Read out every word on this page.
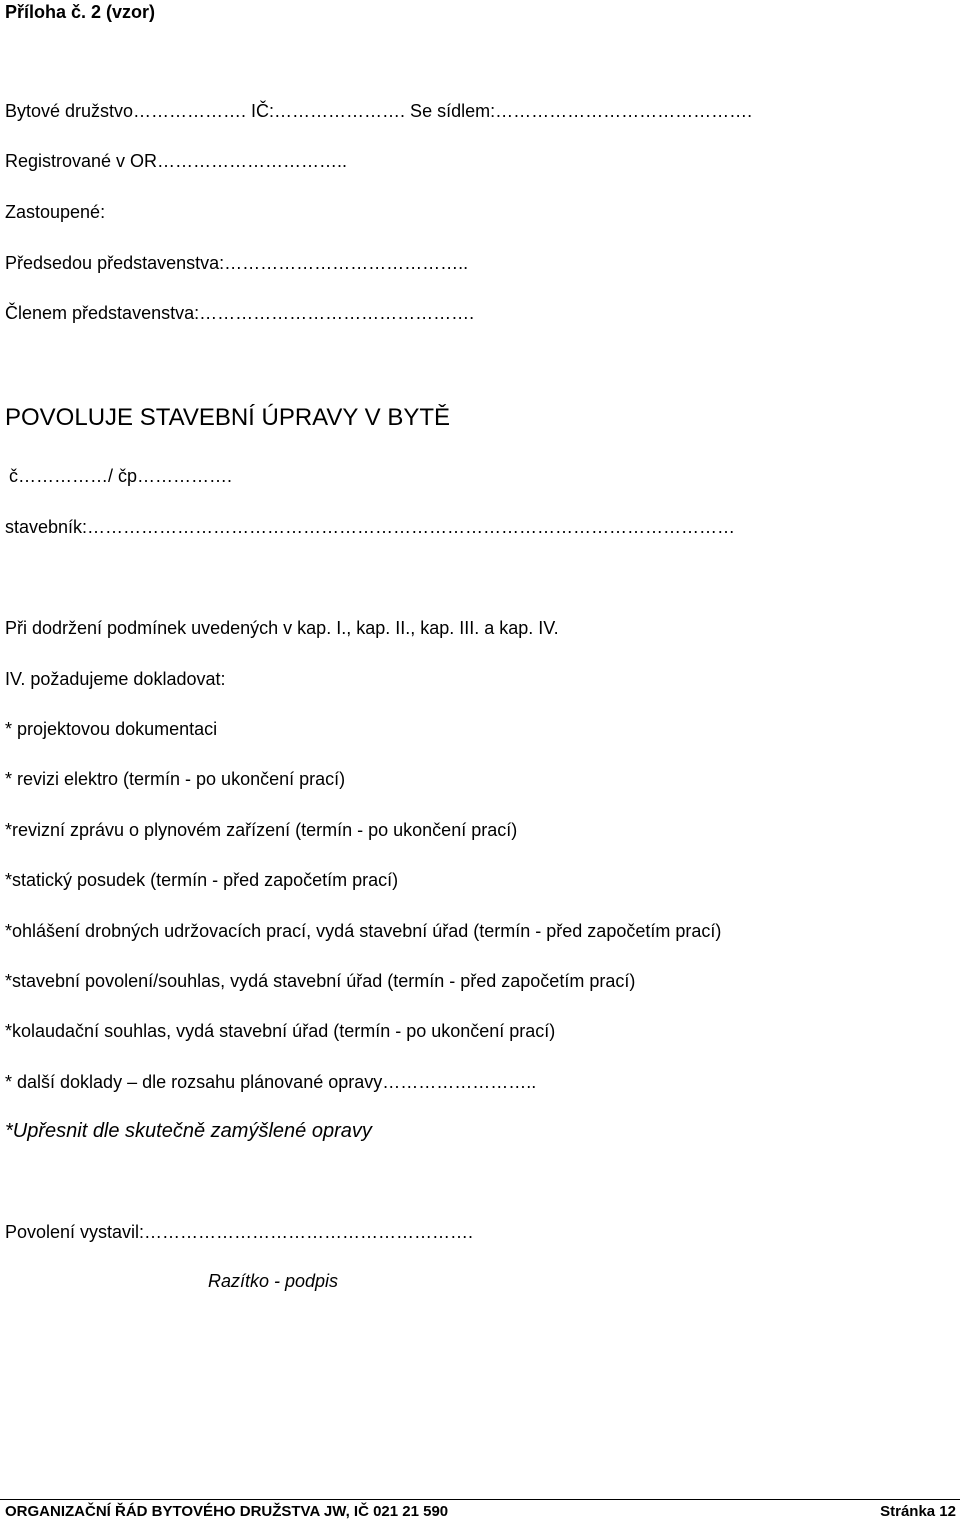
Příloha č. 2 (vzor)
Bytové družstvo………………. IČ:…………………. Se sídlem:…………………………………….
Registrované v OR…………………………..
Zastoupené:
Předsedou představenstva:…………………………………..
Členem představenstva:……………………………………….
POVOLUJE STAVEBNÍ ÚPRAVY V BYTĚ
č……………/ čp…………….
stavebník:………………………………………………………………………………………………
Při dodržení podmínek uvedených v kap. I., kap. II., kap. III. a kap. IV.
IV. požadujeme dokladovat:
* projektovou dokumentaci
* revizi elektro (termín - po ukončení prací)
*revizní zprávu o plynovém zařízení (termín - po ukončení prací)
*statický posudek (termín - před započetím prací)
*ohlášení drobných udržovacích prací, vydá stavební úřad (termín - před započetím prací)
*stavební povolení/souhlas, vydá stavební úřad (termín - před započetím prací)
*kolaudační souhlas, vydá stavební úřad (termín - po ukončení prací)
* další doklady – dle rozsahu plánované opravy……………………..
*Upřesnit dle skutečně zamýšlené opravy
Povolení vystavil:……………………………………………….
Razítko - podpis
ORGANIZAČNÍ ŘÁD BYTOVÉHO DRUŽSTVA JW, IČ 021 21 590	Stránka 12
